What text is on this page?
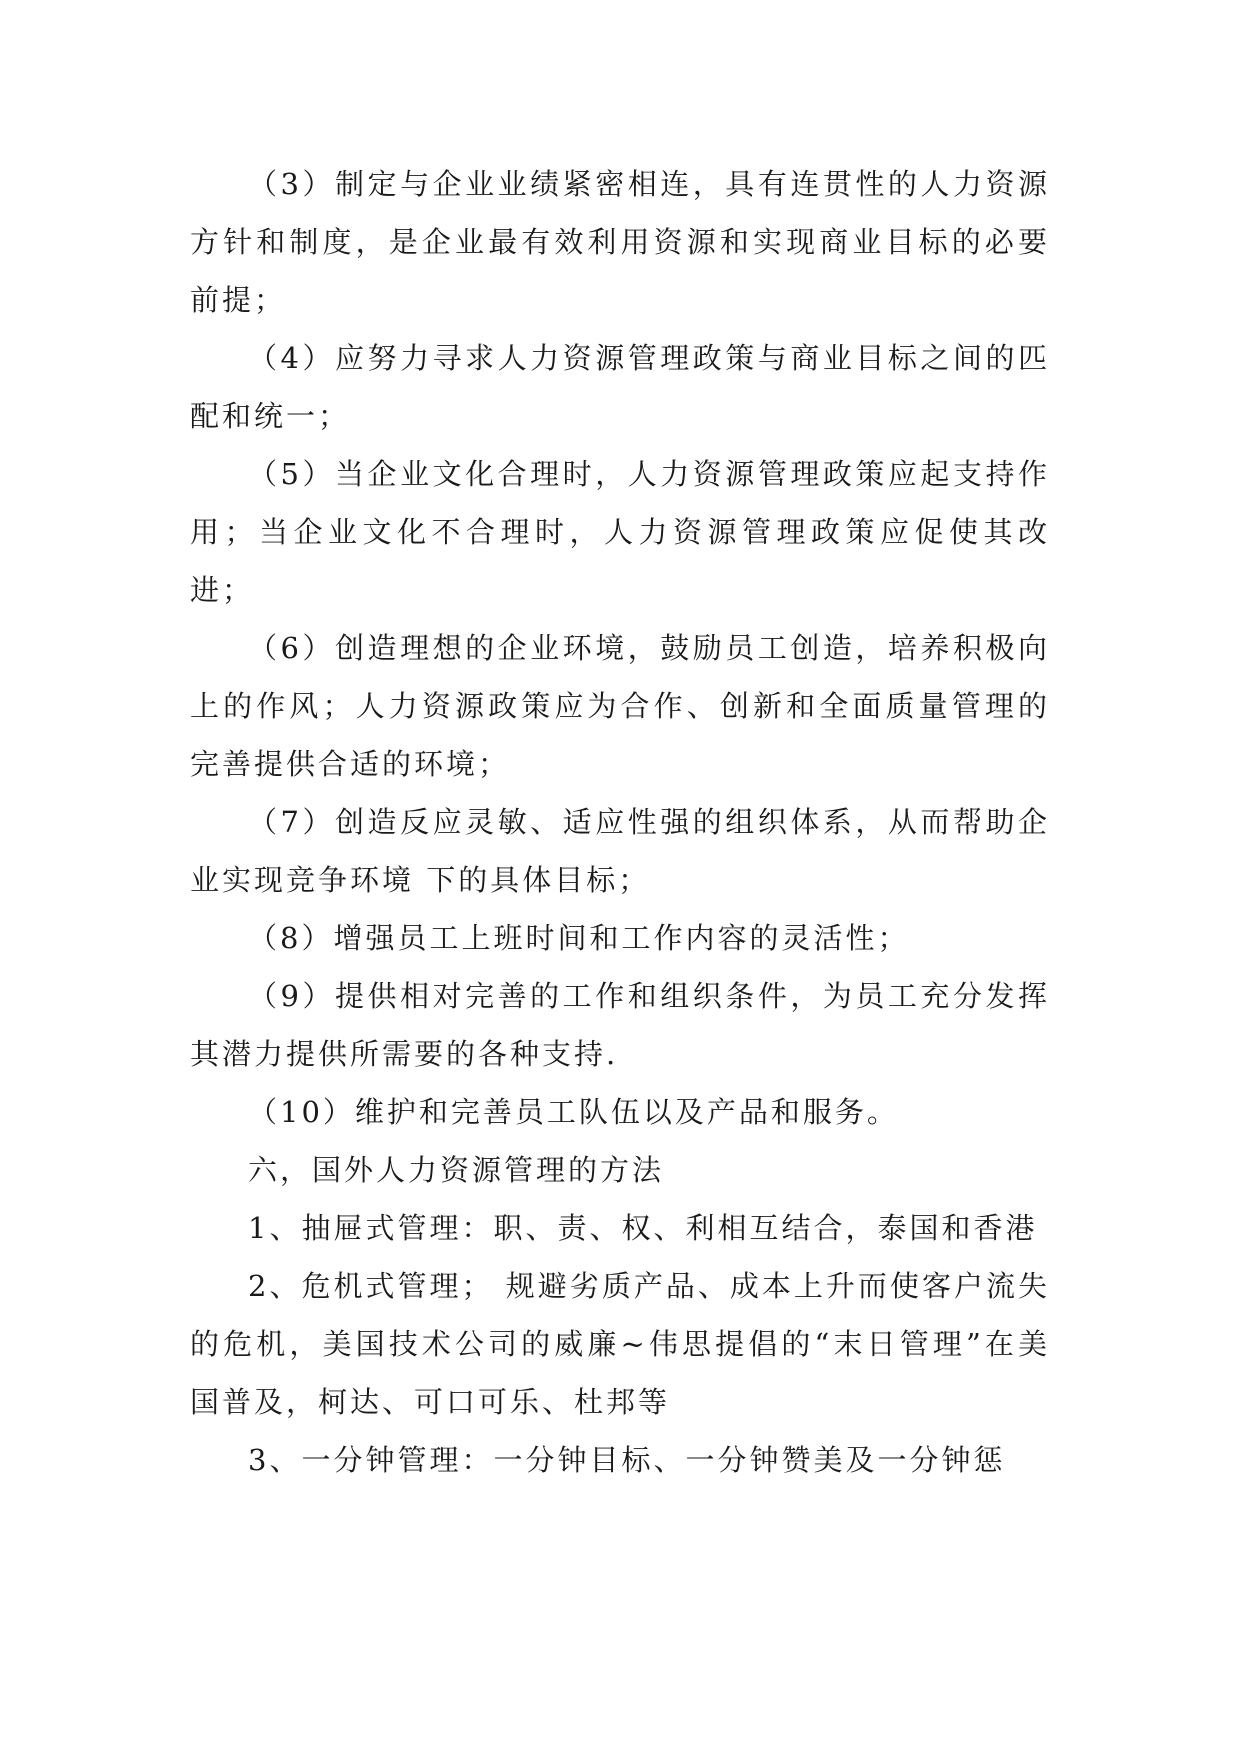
（3）制定与企业业绩紧密相连，具有连贯性的人力资源方针和制度，是企业最有效利用资源和实现商业目标的必要前提；

（4）应努力寻求人力资源管理政策与商业目标之间的匹配和统一；

（5）当企业文化合理时，人力资源管理政策应起支持作用；当企业文化不合理时，人力资源管理政策应促使其改进；

（6）创造理想的企业环境，鼓励员工创造，培养积极向上的作风；人力资源政策应为合作、创新和全面质量管理的完善提供合适的环境；

（7）创造反应灵敏、适应性强的组织体系，从而帮助企业实现竞争环境 下的具体目标；

（8）增强员工上班时间和工作内容的灵活性；

（9）提供相对完善的工作和组织条件，为员工充分发挥其潜力提供所需要的各种支持.

（10）维护和完善员工队伍以及产品和服务。

六，国外人力资源管理的方法

1、抽屉式管理：职、责、权、利相互结合，泰国和香港

2、危机式管理； 规避劣质产品、成本上升而使客户流失的危机，美国技术公司的威廉~伟思提倡的“末日管理”在美国普及，柯达、可口可乐、杜邦等

3、一分钟管理：一分钟目标、一分钟赞美及一分钟惩
